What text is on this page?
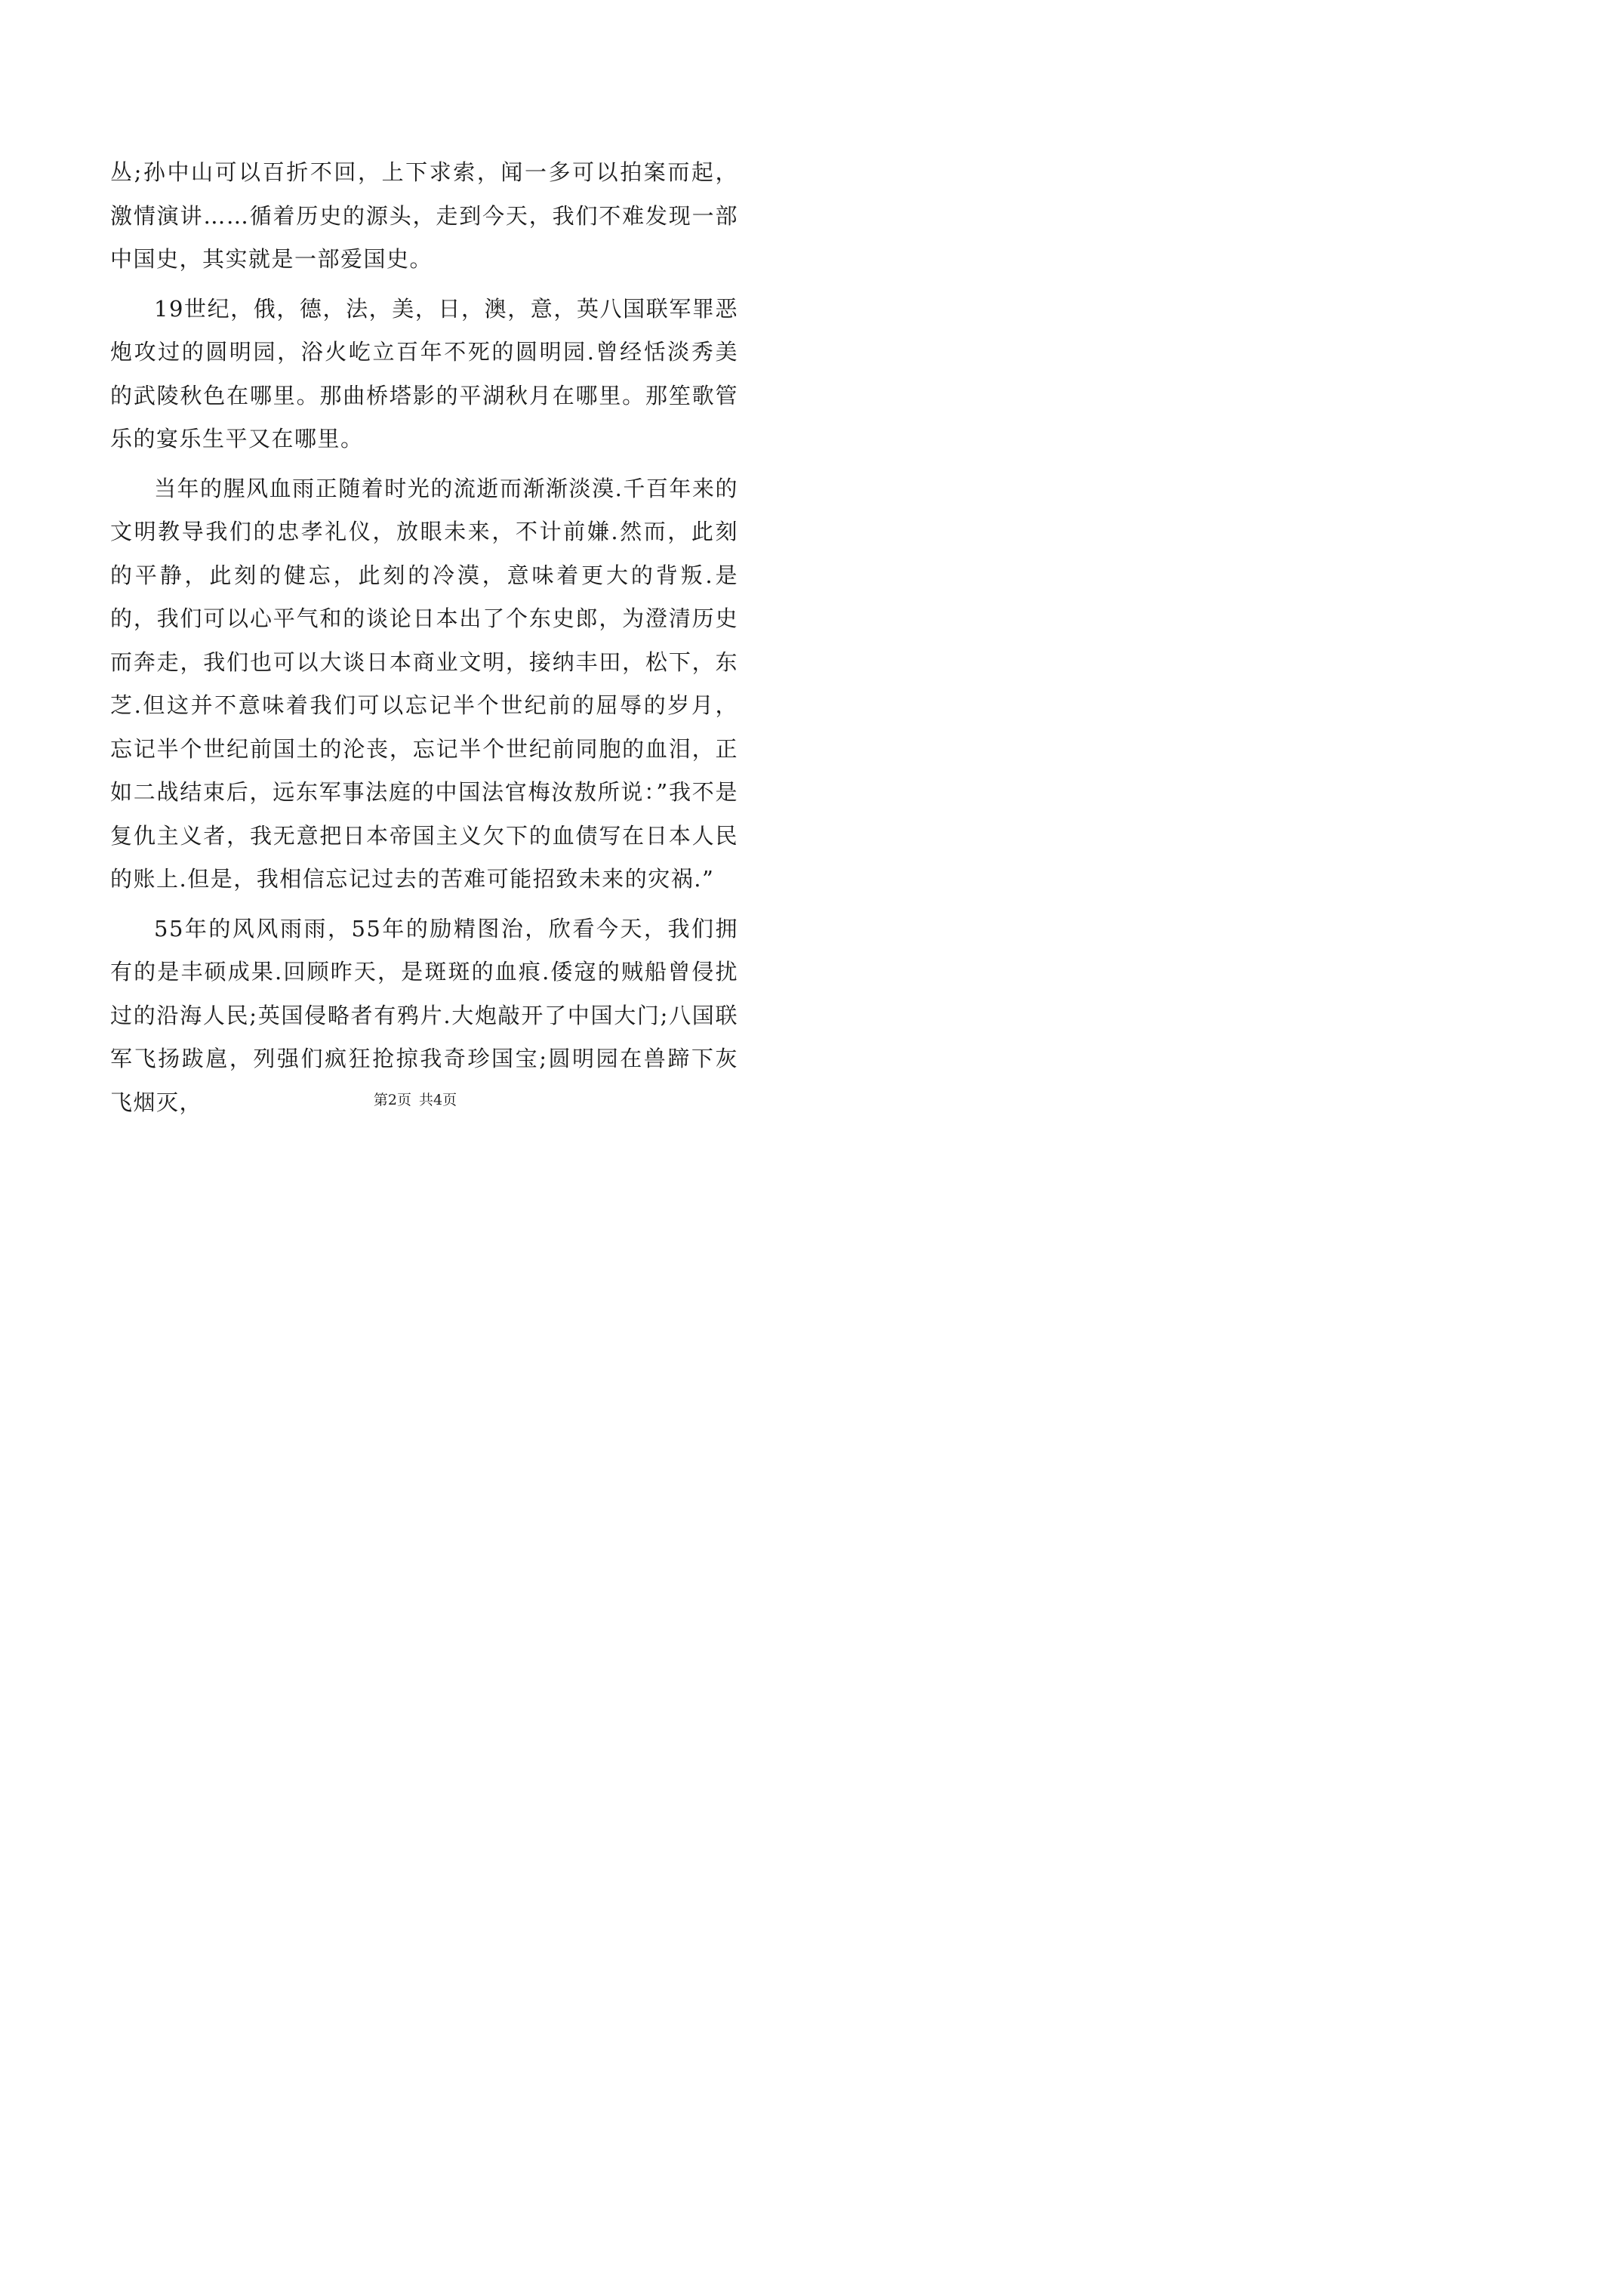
丛;孙中山可以百折不回，上下求索，闻一多可以拍案而起，激情演讲……循着历史的源头，走到今天，我们不难发现一部中国史，其实就是一部爱国史。

19世纪，俄，德，法，美，日，澳，意，英八国联军罪恶炮攻过的圆明园，浴火屹立百年不死的圆明园.曾经恬淡秀美的武陵秋色在哪里。那曲桥塔影的平湖秋月在哪里。那笙歌管乐的宴乐生平又在哪里。

当年的腥风血雨正随着时光的流逝而渐渐淡漠.千百年来的文明教导我们的忠孝礼仪，放眼未来，不计前嫌.然而，此刻的平静，此刻的健忘，此刻的冷漠，意味着更大的背叛.是的，我们可以心平气和的谈论日本出了个东史郎，为澄清历史而奔走，我们也可以大谈日本商业文明，接纳丰田，松下，东芝.但这并不意味着我们可以忘记半个世纪前的屈辱的岁月，忘记半个世纪前国土的沦丧，忘记半个世纪前同胞的血泪，正如二战结束后，远东军事法庭的中国法官梅汝敖所说：”我不是复仇主义者，我无意把日本帝国主义欠下的血债写在日本人民的账上.但是，我相信忘记过去的苦难可能招致未来的灾祸.”

55年的风风雨雨，55年的励精图治，欣看今天，我们拥有的是丰硕成果.回顾昨天，是斑斑的血痕.倭寇的贼船曾侵扰过的沿海人民;英国侵略者有鸦片.大炮敲开了中国大门;八国联军飞扬跋扈，列强们疯狂抢掠我奇珍国宝;圆明园在兽蹄下灰飞烟灭，	第2页 共4页
